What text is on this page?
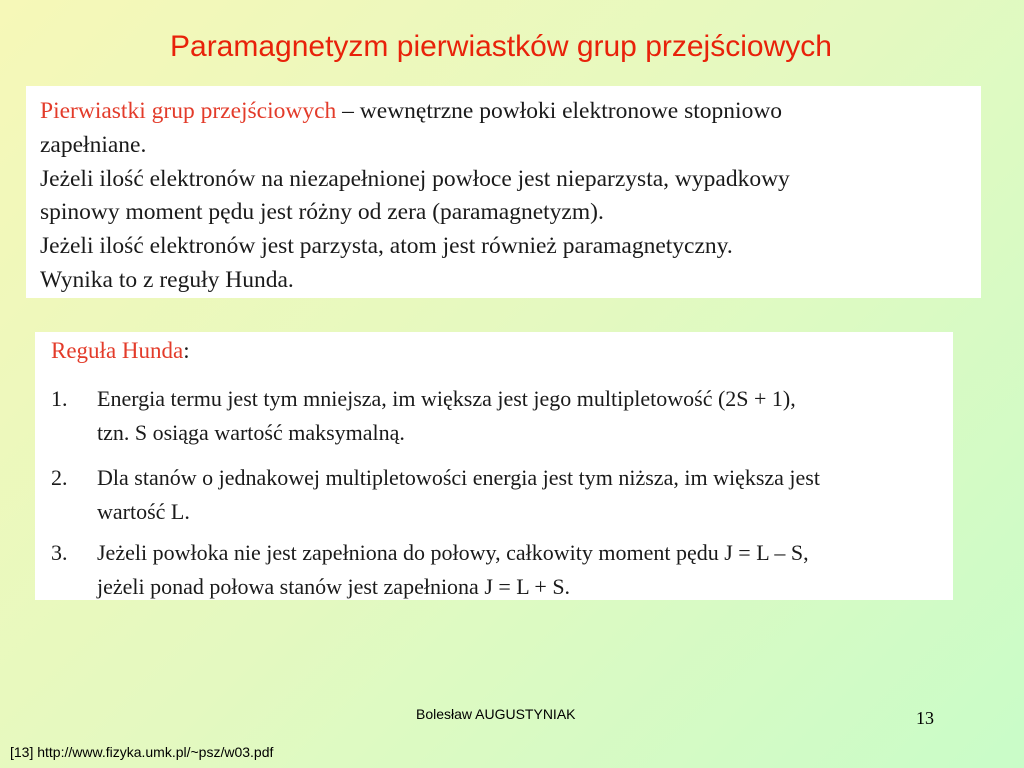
Paramagnetyzm pierwiastków grup przejściowych
Pierwiastki grup przejściowych – wewnętrzne powłoki elektronowe stopniowo
zapełniane.
Jeżeli ilość elektronów na niezapełnionej powłoce jest nieparzysta, wypadkowy
spinowy moment pędu jest różny od zera (paramagnetyzm).
Jeżeli ilość elektronów jest parzysta, atom jest również paramagnetyczny.
Wynika to z reguły Hunda.
Reguła Hunda:
1. Energia termu jest tym mniejsza, im większa jest jego multipletowość (2S + 1),
tzn. S osiąga wartość maksymalną.
2. Dla stanów o jednakowej multipletowości energia jest tym niższa, im większa jest
wartość L.
3. Jeżeli powłoka nie jest zapełniona do połowy, całkowity moment pędu J = L – S,
jeżeli ponad połowa stanów jest zapełniona J = L + S.
Bolesław AUGUSTYNIAK	13
[13] http://www.fizyka.umk.pl/~psz/w03.pdf
